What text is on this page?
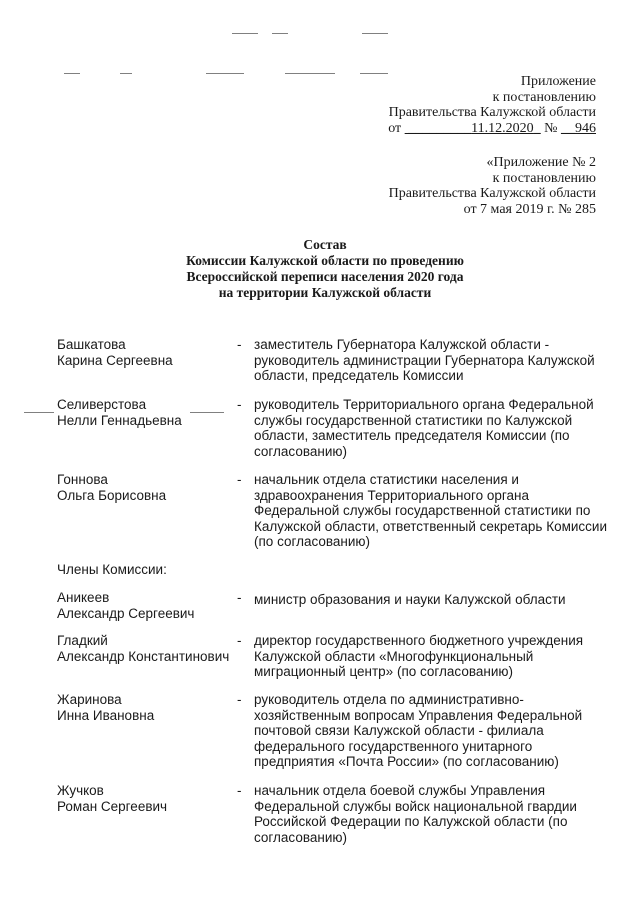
Приложение
к постановлению
Правительства Калужской области
от  _________11.12.2020_ № __946
«Приложение № 2
к постановлению
Правительства Калужской области
от 7 мая 2019 г. № 285
Состав
Комиссии Калужской области по проведению
Всероссийской переписи населения 2020 года
на территории Калужской области
Башкатова
Карина Сергеевна
- заместитель Губернатора Калужской области - руководитель администрации Губернатора Калужской области, председатель Комиссии
Селиверстова
Нелли Геннадьевна
- руководитель Территориального органа Федеральной службы государственной статистики по Калужской области, заместитель председателя Комиссии (по согласованию)
Гоннова
Ольга Борисовна
- начальник отдела статистики населения и здравоохранения Территориального органа Федеральной службы государственной статистики по Калужской области, ответственный секретарь Комиссии (по согласованию)
Члены Комиссии:
Аникеев
Александр Сергеевич
- министр образования и науки Калужской области
Гладкий
Александр Константинович
- директор государственного бюджетного учреждения Калужской области «Многофункциональный миграционный центр» (по согласованию)
Жаринова
Инна Ивановна
- руководитель отдела по административно-хозяйственным вопросам Управления Федеральной почтовой связи Калужской области - филиала федерального государственного унитарного предприятия «Почта России» (по согласованию)
Жучков
Роман Сергеевич
- начальник отдела боевой службы Управления Федеральной службы войск национальной гвардии Российской Федерации по Калужской области (по согласованию)
